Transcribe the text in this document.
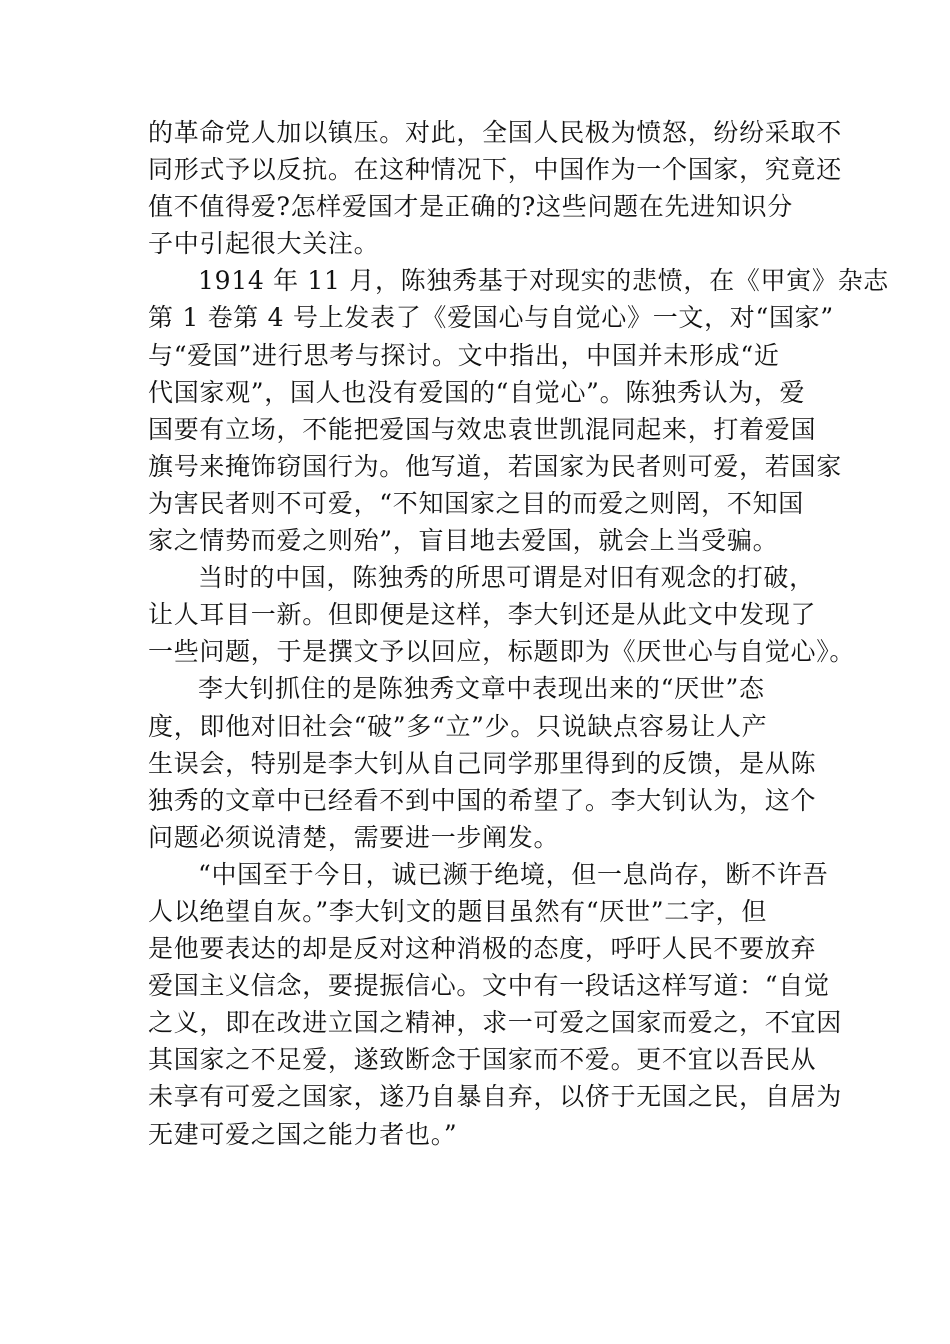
的革命党人加以镇压。对此，全国人民极为愤怒，纷纷采取不
同形式予以反抗。在这种情况下，中国作为一个国家，究竟还
值不值得爱?怎样爱国才是正确的?这些问题在先进知识分
子中引起很大关注。
1914 年 11 月，陈独秀基于对现实的悲愤，在《甲寅》杂志
第 1 卷第 4 号上发表了《爱国心与自觉心》一文，对“国家”
与“爱国”进行思考与探讨。文中指出，中国并未形成“近
代国家观”，国人也没有爱国的“自觉心”。陈独秀认为，爱
国要有立场，不能把爱国与效忠袁世凯混同起来，打着爱国
旗号来掩饰窃国行为。他写道，若国家为民者则可爱，若国家
为害民者则不可爱，“不知国家之目的而爱之则罔，不知国
家之情势而爱之则殆”，盲目地去爱国，就会上当受骗。
当时的中国，陈独秀的所思可谓是对旧有观念的打破，
让人耳目一新。但即便是这样，李大钊还是从此文中发现了
一些问题，于是撰文予以回应，标题即为《厌世心与自觉心》。
李大钊抓住的是陈独秀文章中表现出来的“厌世”态
度，即他对旧社会“破”多“立”少。只说缺点容易让人产
生误会，特别是李大钊从自己同学那里得到的反馈，是从陈
独秀的文章中已经看不到中国的希望了。李大钊认为，这个
问题必须说清楚，需要进一步阐发。
“中国至于今日，诚已濒于绝境，但一息尚存，断不许吾
人以绝望自灰。”李大钊文的题目虽然有“厌世”二字，但
是他要表达的却是反对这种消极的态度，呼吁人民不要放弃
爱国主义信念，要提振信心。文中有一段话这样写道：“自觉
之义，即在改进立国之精神，求一可爱之国家而爱之，不宜因
其国家之不足爱，遂致断念于国家而不爱。更不宜以吾民从
未享有可爱之国家，遂乃自暴自弃，以侪于无国之民，自居为
无建可爱之国之能力者也。”
